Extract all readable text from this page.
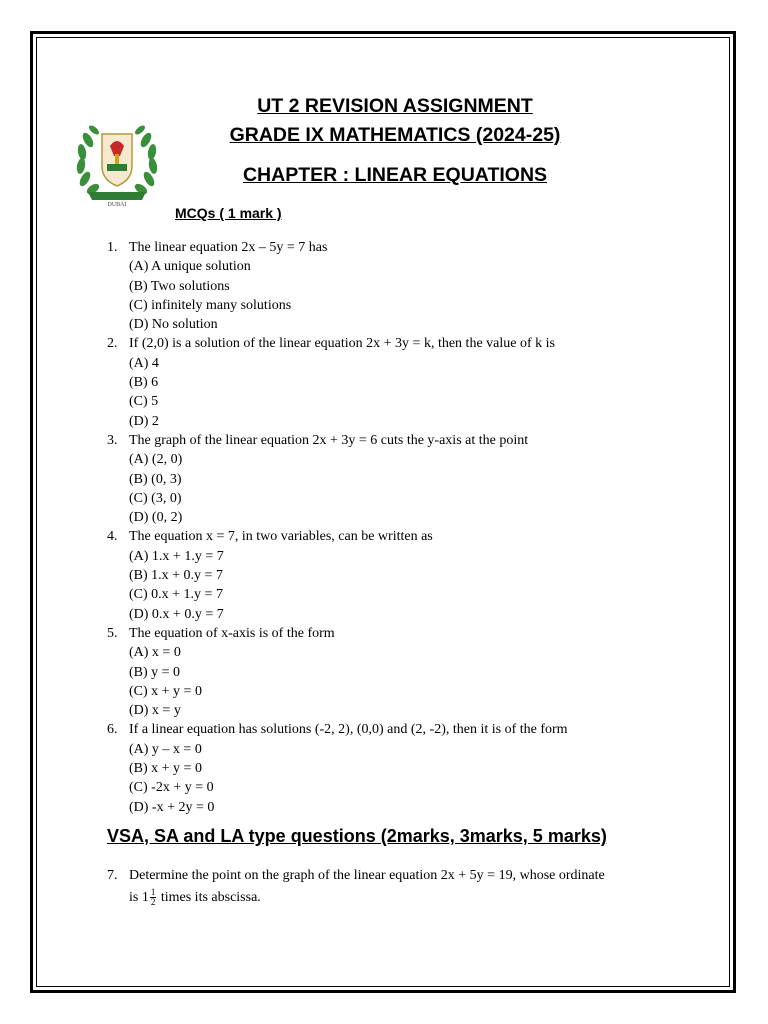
DUBAI
UT 2 REVISION ASSIGNMENT
GRADE IX MATHEMATICS (2024-25)
CHAPTER : LINEAR EQUATIONS
MCQs ( 1 mark )
1. The linear equation 2x – 5y = 7 has
(A) A unique solution
(B) Two solutions
(C) infinitely many solutions
(D) No solution
2. If (2,0) is a solution of the linear equation 2x + 3y = k, then the value of k is
(A) 4
(B) 6
(C) 5
(D) 2
3. The graph of the linear equation 2x + 3y = 6 cuts the y-axis at the point
(A) (2, 0)
(B) (0, 3)
(C) (3, 0)
(D) (0, 2)
4. The equation x = 7, in two variables, can be written as
(A) 1.x + 1.y = 7
(B) 1.x + 0.y = 7
(C) 0.x + 1.y = 7
(D) 0.x + 0.y = 7
5. The equation of x-axis is of the form
(A) x = 0
(B) y = 0
(C) x + y = 0
(D) x = y
6. If a linear equation has solutions (-2, 2), (0,0) and (2, -2), then it is of the form
(A) y – x = 0
(B) x + y = 0
(C) -2x + y = 0
(D) -x + 2y = 0
VSA, SA and LA type questions (2marks, 3marks, 5 marks)
7. Determine the point on the graph of the linear equation 2x + 5y = 19, whose ordinate
is $1 \frac{1}{2}$ times its abscissa.
